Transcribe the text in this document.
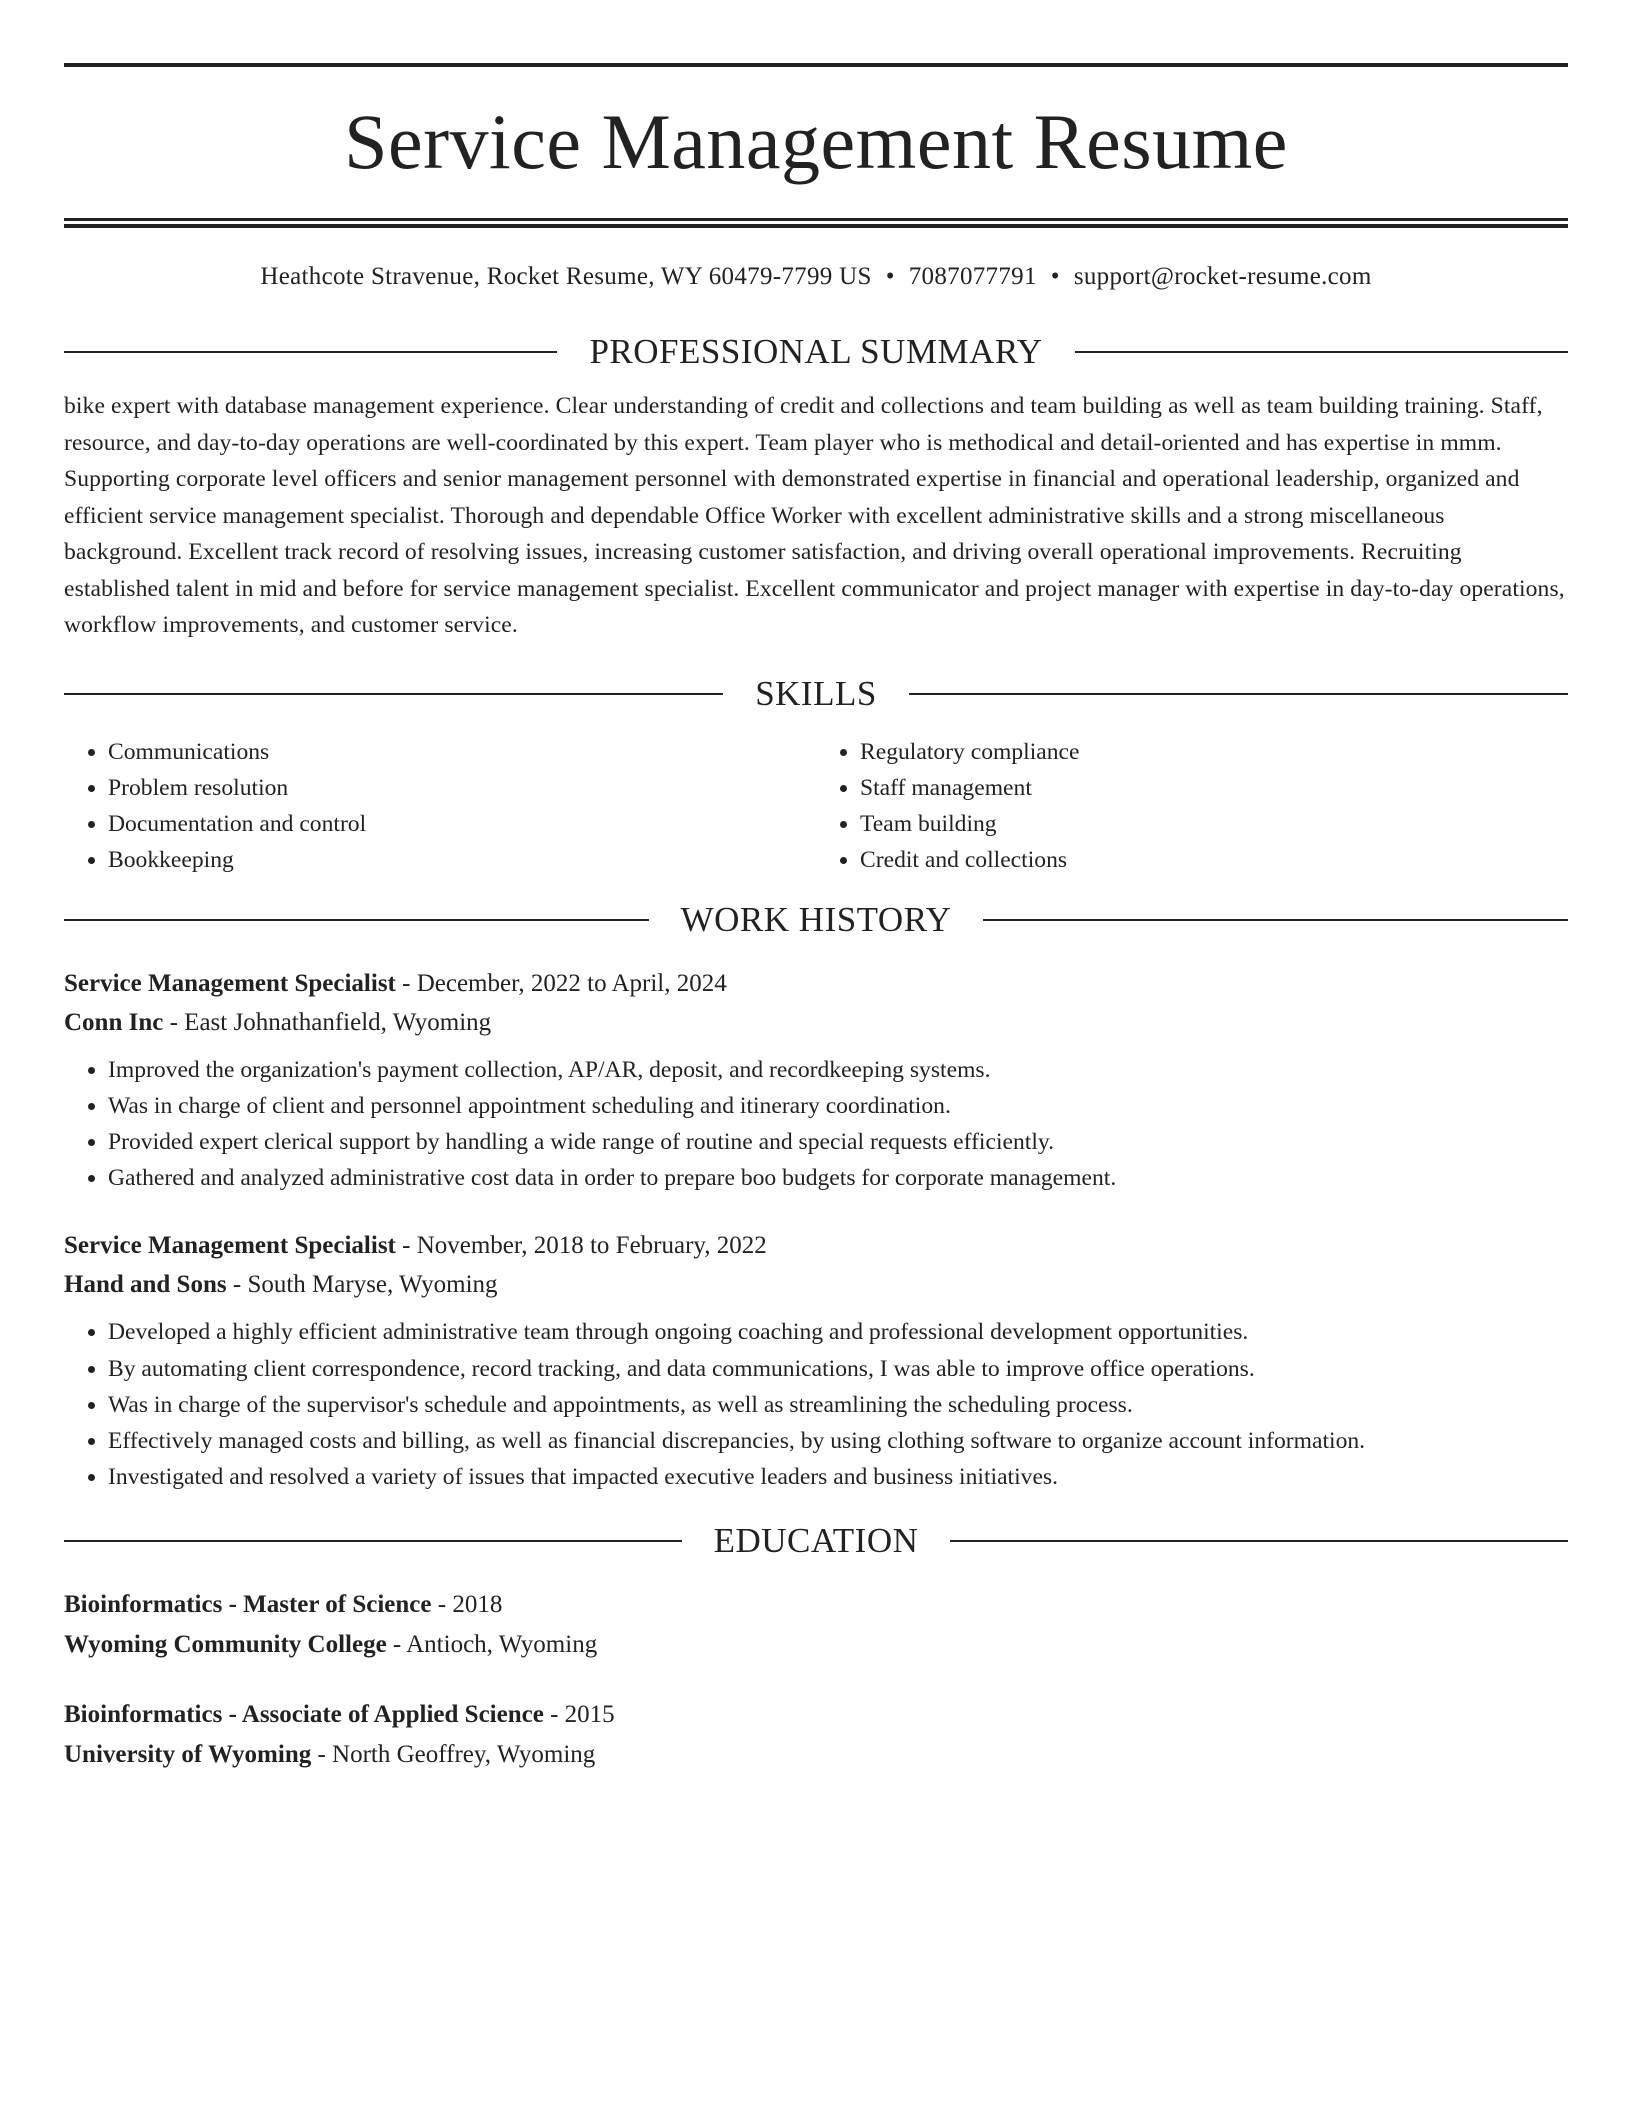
Service Management Resume
Heathcote Stravenue, Rocket Resume, WY 60479-7799 US • 7087077791 • support@rocket-resume.com
PROFESSIONAL SUMMARY
bike expert with database management experience. Clear understanding of credit and collections and team building as well as team building training. Staff, resource, and day-to-day operations are well-coordinated by this expert. Team player who is methodical and detail-oriented and has expertise in mmm. Supporting corporate level officers and senior management personnel with demonstrated expertise in financial and operational leadership, organized and efficient service management specialist. Thorough and dependable Office Worker with excellent administrative skills and a strong miscellaneous background. Excellent track record of resolving issues, increasing customer satisfaction, and driving overall operational improvements. Recruiting established talent in mid and before for service management specialist. Excellent communicator and project manager with expertise in day-to-day operations, workflow improvements, and customer service.
SKILLS
• Communications
• Problem resolution
• Documentation and control
• Bookkeeping
• Regulatory compliance
• Staff management
• Team building
• Credit and collections
WORK HISTORY
Service Management Specialist - December, 2022 to April, 2024
Conn Inc - East Johnathanfield, Wyoming
• Improved the organization's payment collection, AP/AR, deposit, and recordkeeping systems.
• Was in charge of client and personnel appointment scheduling and itinerary coordination.
• Provided expert clerical support by handling a wide range of routine and special requests efficiently.
• Gathered and analyzed administrative cost data in order to prepare boo budgets for corporate management.
Service Management Specialist - November, 2018 to February, 2022
Hand and Sons - South Maryse, Wyoming
• Developed a highly efficient administrative team through ongoing coaching and professional development opportunities.
• By automating client correspondence, record tracking, and data communications, I was able to improve office operations.
• Was in charge of the supervisor's schedule and appointments, as well as streamlining the scheduling process.
• Effectively managed costs and billing, as well as financial discrepancies, by using clothing software to organize account information.
• Investigated and resolved a variety of issues that impacted executive leaders and business initiatives.
EDUCATION
Bioinformatics - Master of Science - 2018
Wyoming Community College - Antioch, Wyoming
Bioinformatics - Associate of Applied Science - 2015
University of Wyoming - North Geoffrey, Wyoming
